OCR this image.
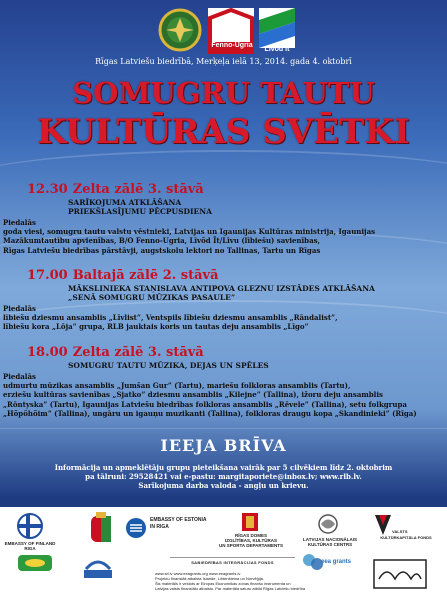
Fenno-Ugria
Līvõd Īt
Rīgas Latviešu biedrībā, Merķeļa ielā 13, 2014. gada 4. oktobrī
SOMUGRU TAUTU
KULTŪRAS SVĒTKI
12.30 Zelta zālē 3. stāvā
SARĪKOJUMA ATKLĀŠANA
PRIEKŠLASĪJUMU PĒCPUSDIENA
Piedalās
goda viesi, somugru tautu valstu vēstnieki, Latvijas un Igaunijas Kultūras ministrija, Igaunijas
Mazākumtautību apvienības, B/O Fenno-Ugria, Līvõd Īt/Līvu (lībiešu) savienības,
Rīgas Latviešu biedrības pārstāvji, augstskolu lektori no Tallinas, Tartu un Rīgas
17.00 Baltajā zālē 2. stāvā
MĀKSLINIEKA STAŅISLAVA ANTIPOVA GLEZNU IZSTĀDES ATKLĀŠANA
„SENĀ SOMUGRU MŪZIKAS PASAULE”
Piedalās
lībiešu dziesmu ansamblis „Līvlist”, Ventspils lībiešu dziesmu ansamblis „Rāndalist”,
lībiešu kora „Lōja” grupa, RLB jauktais koris un tautas deju ansamblis „Līgo”
18.00 Zelta zālē 3. stāvā
SOMUGRU TAUTU MŪZIKA, DEJAS UN SPĒLES
Piedalās
udmurtu mūzikas ansamblis „Jumšan Gur” (Tartu), mariešu folkloras ansamblis (Tartu),
erziešu kultūras savienības „Sjatko” dziesmu ansamblis „Kilejne” (Tallina), ižoru deju ansamblis
„Rōntyska” (Tartu), Igaunijas Latviešu biedrības folkloras ansamblis „Rēvele” (Tallina), setu folkgrupa
„Hõpõhõim” (Tallina), ungāru un igauņu muzikanti (Tallina), folkloras draugu kopa „Skandinieki” (Rīga)
IEEJA BRĪVA
Informācija un apmeklētāju grupu pieteikšana vairāk par 5 cilvēkiem līdz 2. oktobrim
pa tālruni: 29528421 vai e-pastu: margitaporiete@inbox.lv; www.rlb.lv.
Sarīkojuma darba valoda - angļu un krievu.
EMBASSY OF FINLAND RIGA
EMBASSY OF ESTONIA
IN RIGA
RĪGAS DOMES
IZGLĪTĪBAS, KULTŪRAS
UN SPORTA DEPARTAMENTS
LATVIJAS NACIONĀLAIS
KULTŪRAS CENTRS
VALSTS
KULTŪRKAPITĀLA FONDS
SABIEDRĪBAS INTEGRĀCIJAS FONDS	eea grants
www.sif.lv www.eeagrants.org www.eeagrants.lv
Projektu finansiāli atbalsta Islande, Lihtenšteina un Norvēģija.
Šis materiāls ir veidots ar Eiropas Ekonomikas zonas finanšu instrumenta un
Latvijas valsts finansiālu atbalstu. Par materiāla saturu atbild Rīgas Latviešu biedrība
